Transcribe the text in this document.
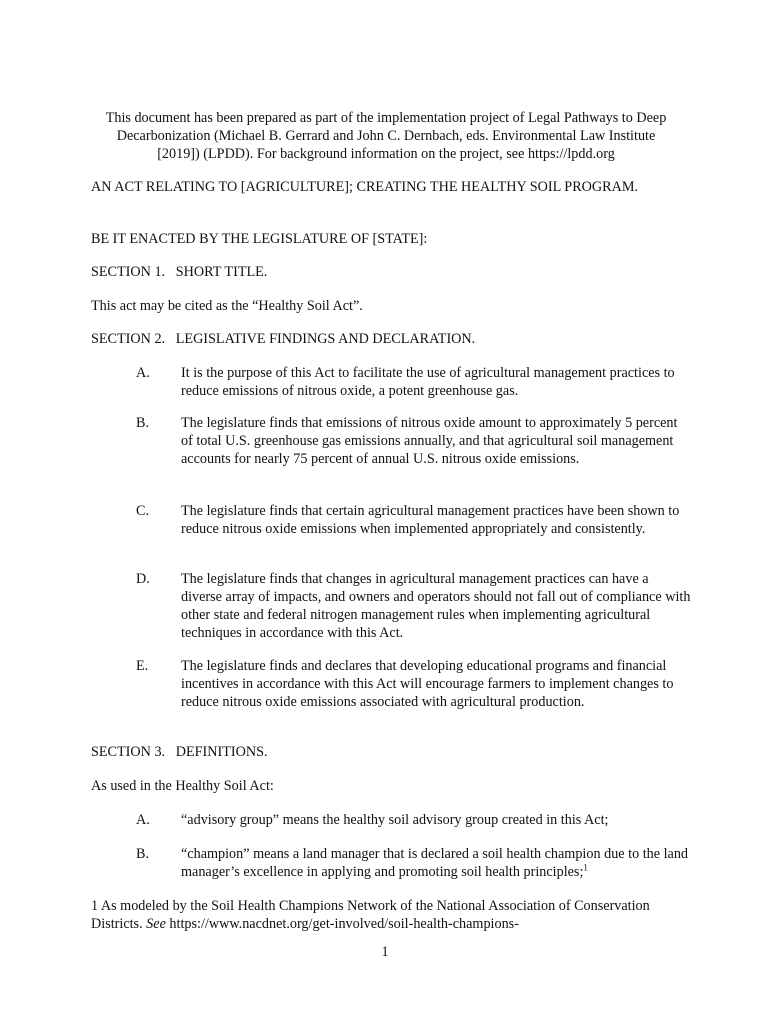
This document has been prepared as part of the implementation project of Legal Pathways to Deep Decarbonization (Michael B. Gerrard and John C. Dernbach, eds. Environmental Law Institute [2019]) (LPDD). For background information on the project, see https://lpdd.org

AN ACT RELATING TO [AGRICULTURE]; CREATING THE HEALTHY SOIL PROGRAM.

BE IT ENACTED BY THE LEGISLATURE OF [STATE]:

SECTION 1.   SHORT TITLE.

This act may be cited as the “Healthy Soil Act”.

SECTION 2.   LEGISLATIVE FINDINGS AND DECLARATION.

A.	It is the purpose of this Act to facilitate the use of agricultural management practices to reduce emissions of nitrous oxide, a potent greenhouse gas.

B.	The legislature finds that emissions of nitrous oxide amount to approximately 5 percent of total U.S. greenhouse gas emissions annually, and that agricultural soil management accounts for nearly 75 percent of annual U.S. nitrous oxide emissions.

C.	The legislature finds that certain agricultural management practices have been shown to reduce nitrous oxide emissions when implemented appropriately and consistently.

D.	The legislature finds that changes in agricultural management practices can have a diverse array of impacts, and owners and operators should not fall out of compliance with other state and federal nitrogen management rules when implementing agricultural techniques in accordance with this Act.

E.	The legislature finds and declares that developing educational programs and financial incentives in accordance with this Act will encourage farmers to implement changes to reduce nitrous oxide emissions associated with agricultural production.

SECTION 3.   DEFINITIONS.

As used in the Healthy Soil Act:

A.	“advisory group” means the healthy soil advisory group created in this Act;

B.	“champion” means a land manager that is declared a soil health champion due to the land manager’s excellence in applying and promoting soil health principles;$^1$

1 As modeled by the Soil Health Champions Network of the National Association of Conservation Districts. See https://www.nacdnet.org/get-involved/soil-health-champions-

1
